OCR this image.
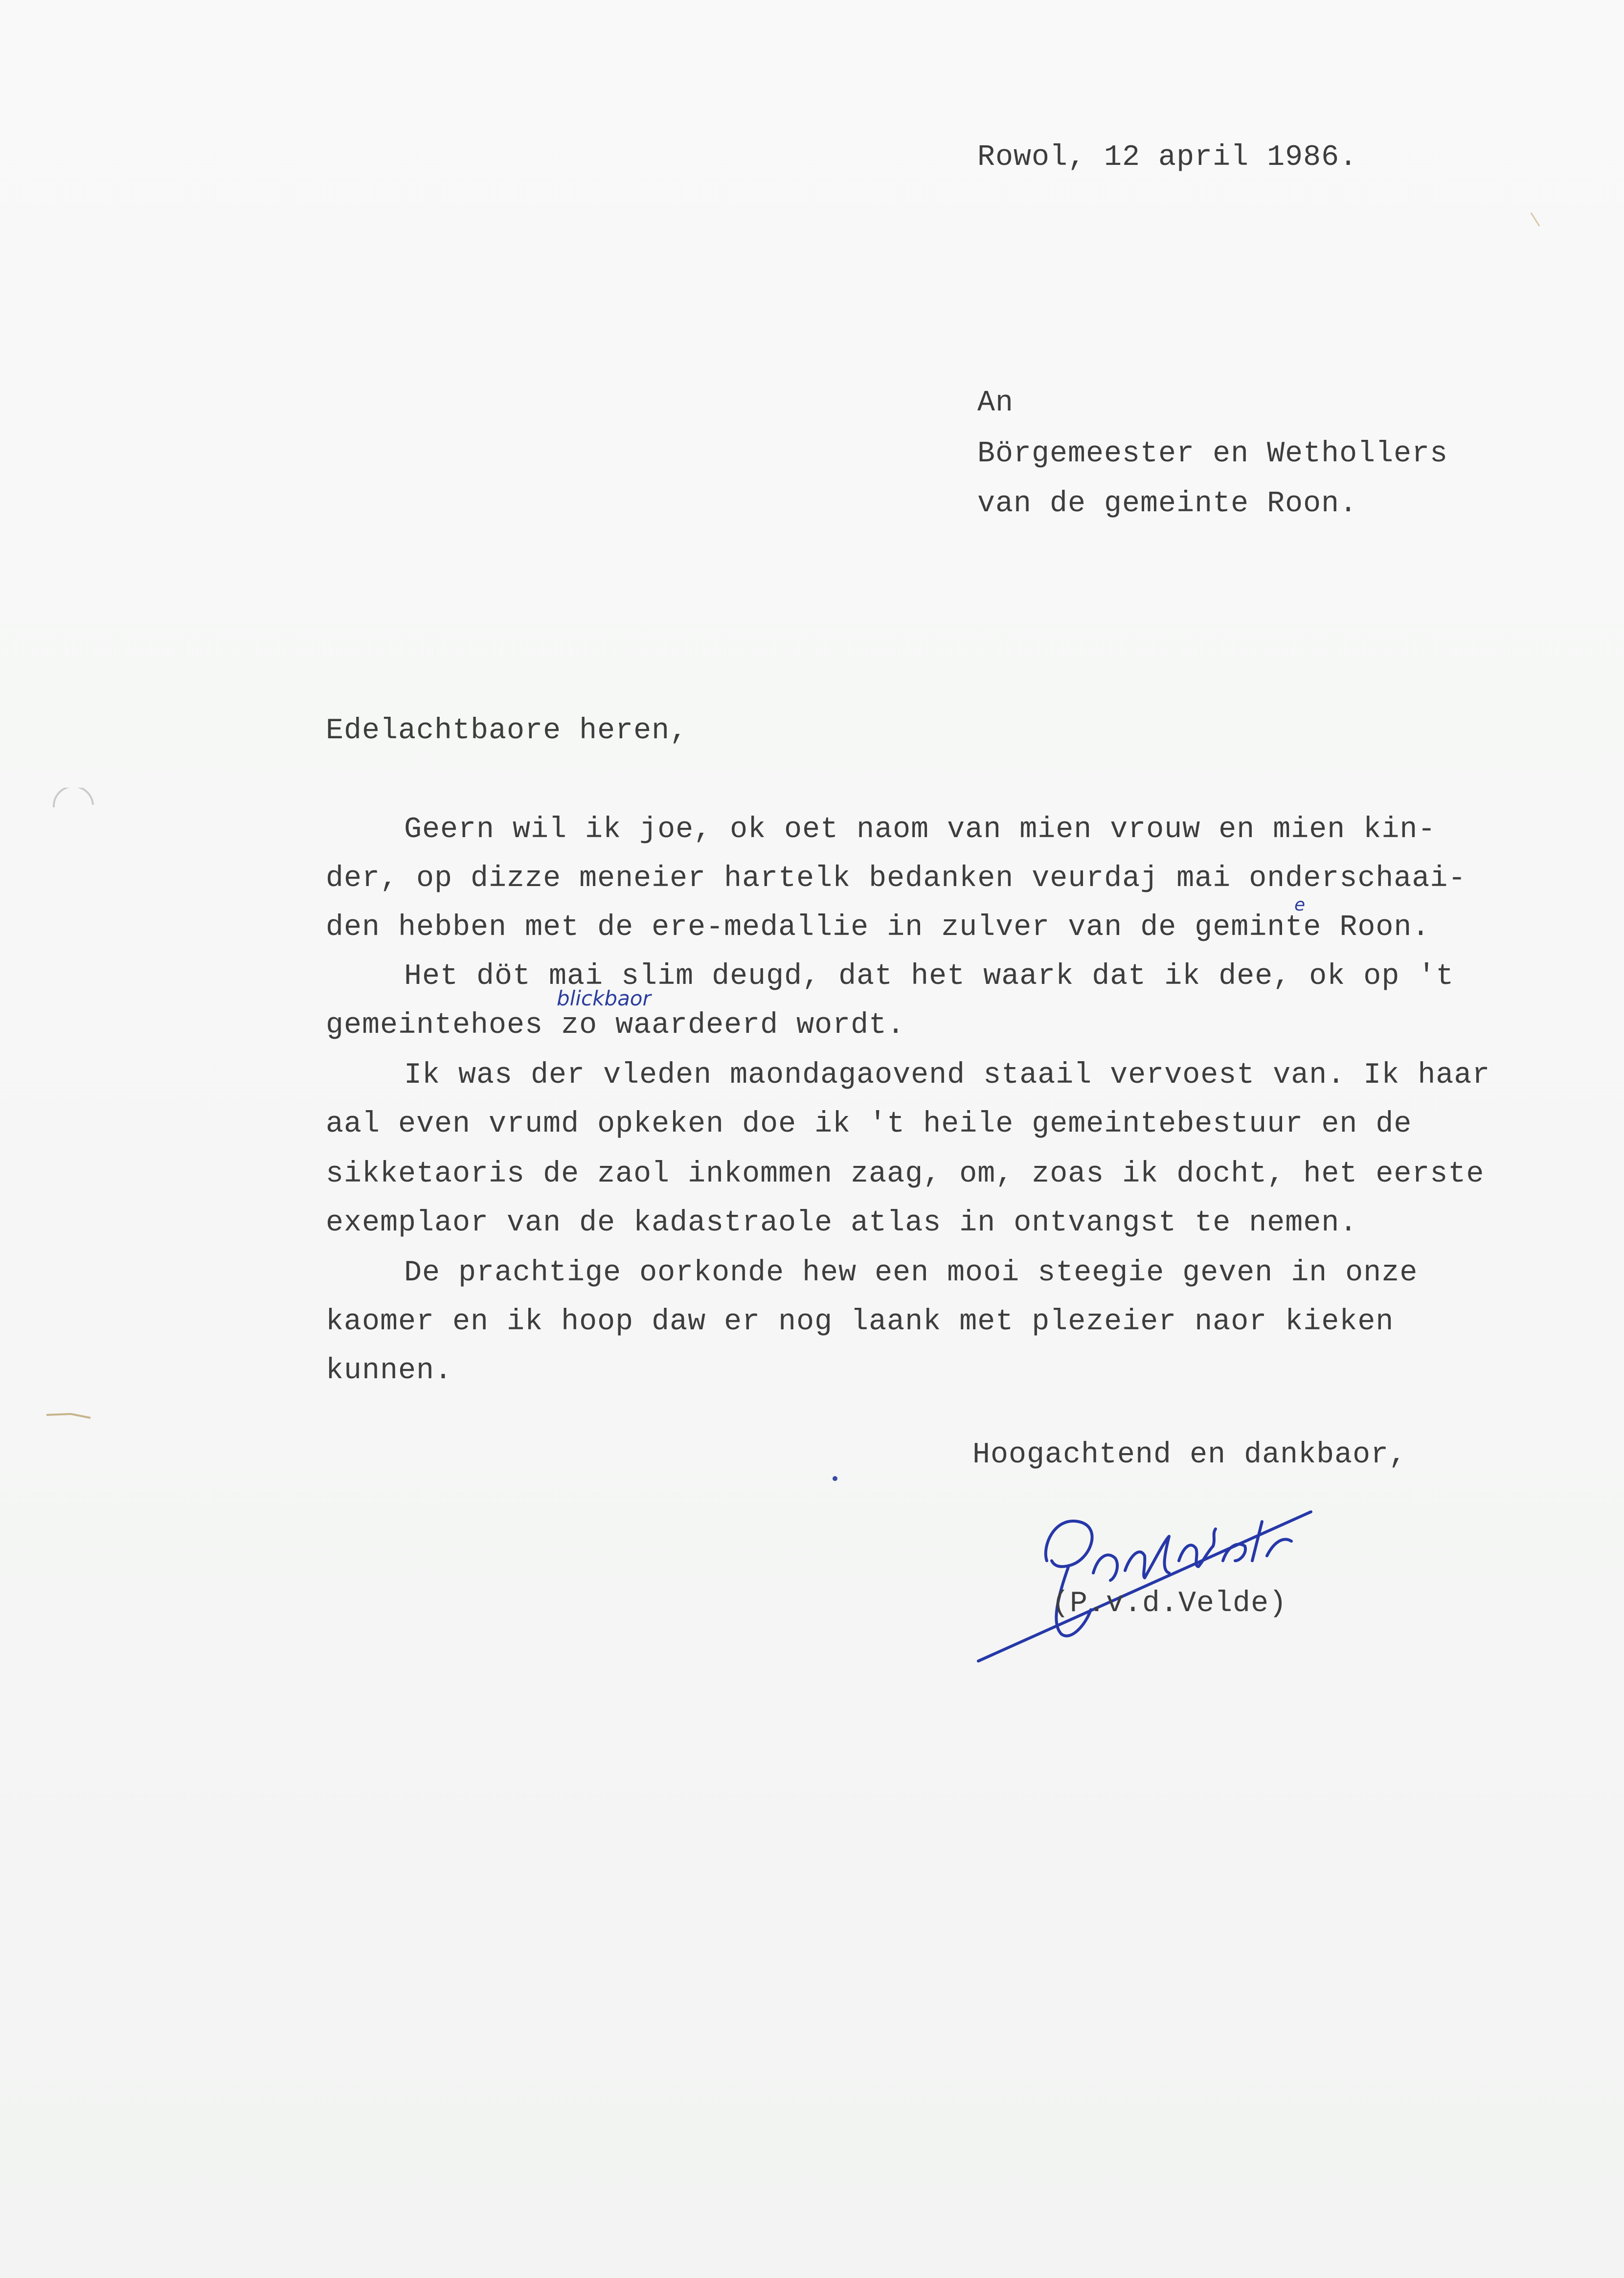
Rowol, 12 april 1986.

An

Börgemeester en Wethollers

van de gemeinte Roon.

Edelachtbaore heren,

Geern wil ik joe, ok oet naom van mien vrouw en mien kin-

der, op dizze meneier hartelk bedanken veurdaj mai onderschaai-

den hebben met de ere-medallie in zulver van de geminte Roon.

Het döt mai slim deugd, dat het waark dat ik dee, ok op 't

gemeintehoes zo waardeerd wordt.

Ik was der vleden maondagaovend staail vervoest van. Ik haar

aal even vrumd opkeken doe ik 't heile gemeintebestuur en de

sikketaoris de zaol inkommen zaag, om, zoas ik docht, het eerste

exemplaor van de kadastraole atlas in ontvangst te nemen.

De prachtige oorkonde hew een mooi steegie geven in onze

kaomer en ik hoop daw er nog laank met plezeier naor kieken

kunnen.

blickbaor

e

Hoogachtend en dankbaor,

(P.v.d.Velde)
